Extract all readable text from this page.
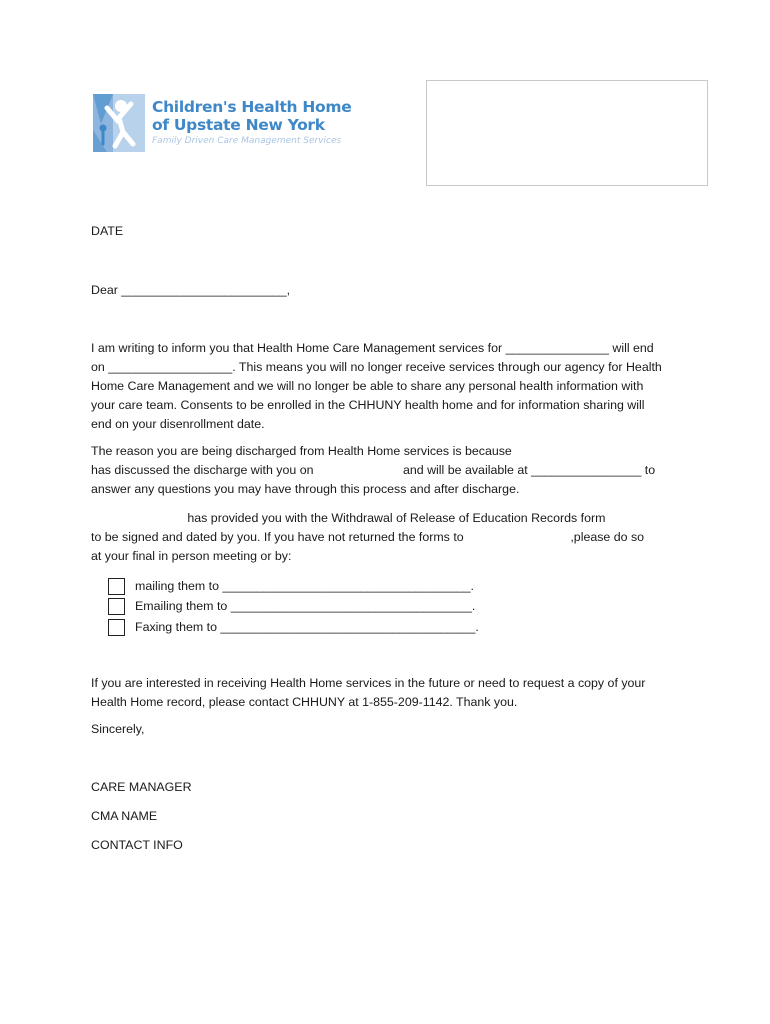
Children's Health Home
of Upstate New York
Family Driven Care Management Services
DATE
Dear ________________________,
I am writing to inform you that Health Home Care Management services for _______________ will end
on __________________. This means you will no longer receive services through our agency for Health
Home Care Management and we will no longer be able to share any personal health information with
your care team. Consents to be enrolled in the CHHUNY health home and for information sharing will
end on your disenrollment date.
The reason you are being discharged from Health Home services is because
has discussed the discharge with you on                          and will be available at ________________ to
answer any questions you may have through this process and after discharge.
has provided you with the Withdrawal of Release of Education Records form
to be signed and dated by you. If you have not returned the forms to                               ,please do so
at your final in person meeting or by:
mailing them to ____________________________________.
Emailing them to ___________________________________.
Faxing them to _____________________________________.
If you are interested in receiving Health Home services in the future or need to request a copy of your
Health Home record, please contact CHHUNY at 1-855-209-1142. Thank you.
Sincerely,
CARE MANAGER
CMA NAME
CONTACT INFO
